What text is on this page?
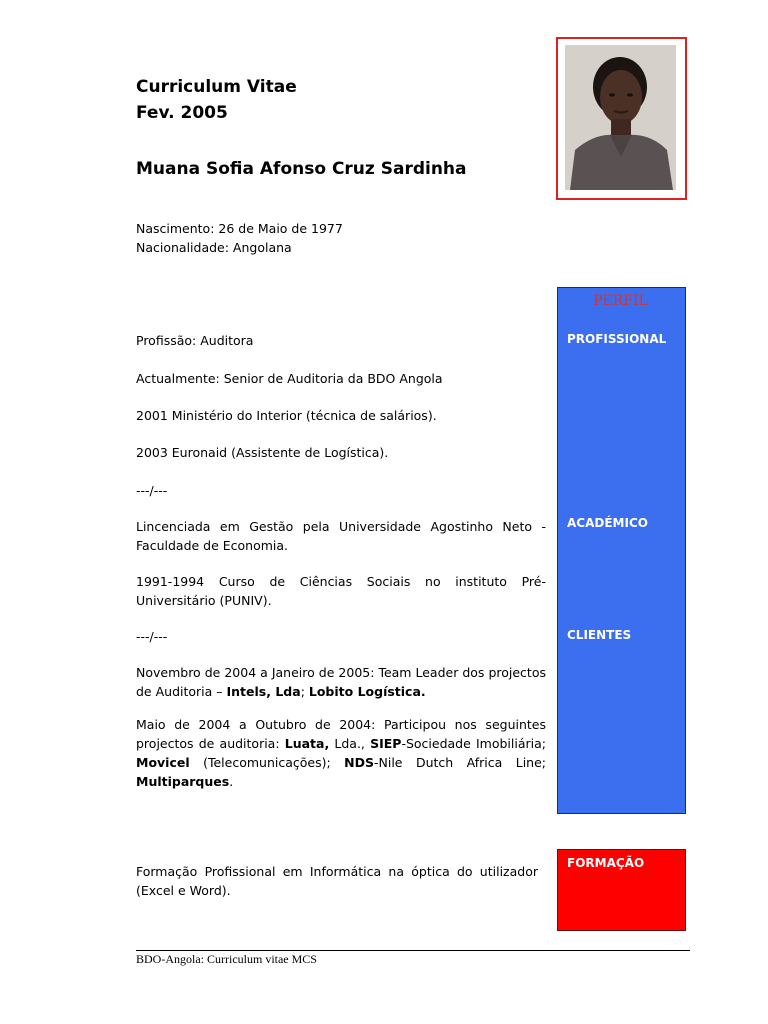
Curriculum Vitae
Fev. 2005
Muana Sofia Afonso Cruz Sardinha
Nascimento: 26 de Maio de 1977
Nacionalidade: Angolana
PERFIL
PROFISSIONAL
ACADÉMICO
CLIENTES
FORMAÇÃO
Profissão: Auditora
Actualmente: Senior de Auditoria da BDO Angola
2001 Ministério do Interior (técnica de salários).
2003 Euronaid (Assistente de Logística).
---/---
Lincenciada em Gestão pela Universidade Agostinho Neto - Faculdade de Economia.
1991-1994 Curso de Ciências Sociais no instituto Pré-Universitário (PUNIV).
---/---
Novembro de 2004 a Janeiro de 2005: Team Leader dos projectos de Auditoria – Intels, Lda; Lobito Logística.
Maio de 2004 a Outubro de 2004: Participou nos seguintes projectos de auditoria: Luata, Lda., SIEP-Sociedade Imobiliária; Movicel (Telecomunicações); NDS-Nile Dutch Africa Line; Multiparques.
Formação Profissional em Informática na óptica do utilizador (Excel e Word).
BDO-Angola: Curriculum vitae MCS
